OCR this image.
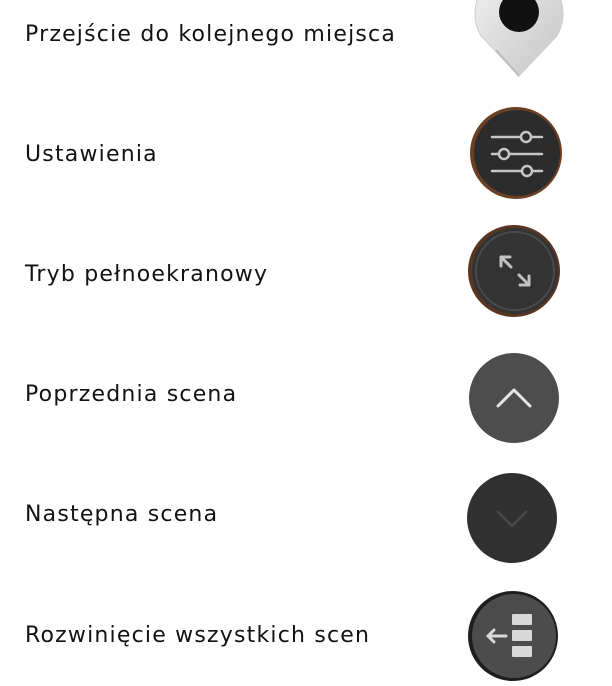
Przejście do kolejnego miejsca
Ustawienia
Tryb pełnoekranowy
Poprzednia scena
Następna scena
Rozwinięcie wszystkich scen
